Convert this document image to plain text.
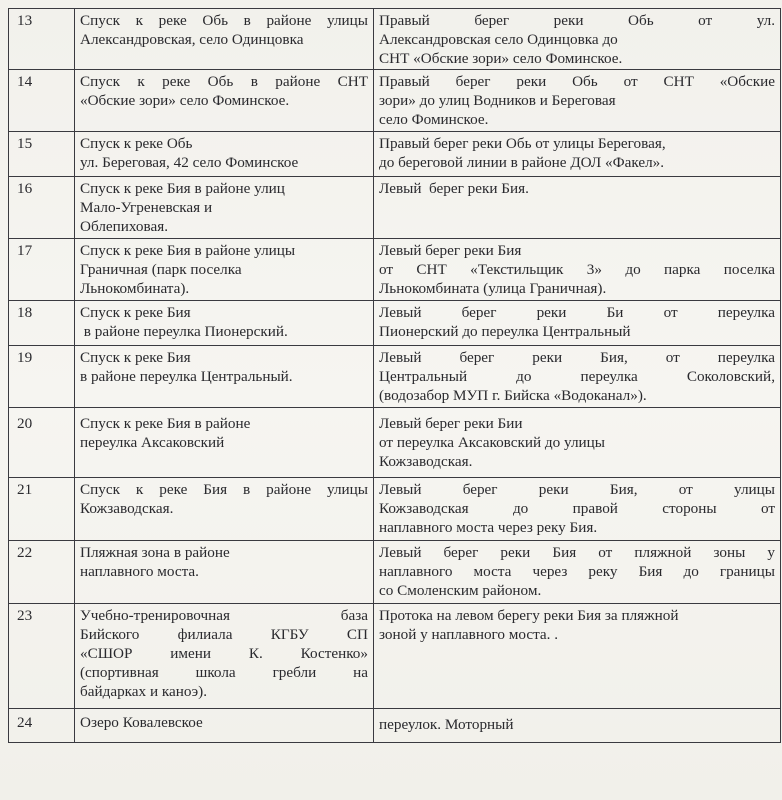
13	Спуск к реке Обь в районе улицы
Александровская, село Одинцовка	Правый берег реки Обь от ул.
Александровская село Одинцовка до
СНТ «Обские зори» село Фоминское.

14	Спуск к реке Обь в районе СНТ
«Обские зори» село Фоминское.	Правый берег реки Обь от СНТ «Обские
зори» до улиц Водников и Береговая
село Фоминское.

15	Спуск к реке Обь
ул. Береговая, 42 село Фоминское	Правый берег реки Обь от улицы Береговая,
до береговой линии в районе ДОЛ «Факел».

16	Спуск к реке Бия в районе улиц
Мало-Угреневская и
Облепиховая.	Левый  берег реки Бия.

17	Спуск к реке Бия в районе улицы
Граничная (парк поселка
Льнокомбината).	Левый берег реки Бия
от СНТ «Текстильщик 3» до парка поселка
Льнокомбината (улица Граничная).

18	Спуск к реке Бия
в районе переулка Пионерский.	Левый берег реки Би от переулка
Пионерский до переулка Центральный

19	Спуск к реке Бия
в районе переулка Центральный.	Левый берег реки Бия, от переулка
Центральный до переулка Соколовский,
(водозабор МУП г. Бийска «Водоканал»).

20	Спуск к реке Бия в районе
переулка Аксаковский	Левый берег реки Бии
от переулка Аксаковский до улицы
Кожзаводская.

21	Спуск к реке Бия в районе улицы
Кожзаводская.	Левый берег реки Бия, от улицы
Кожзаводская до правой стороны от
наплавного моста через реку Бия.

22	Пляжная зона в районе
наплавного моста.	Левый берег реки Бия от пляжной зоны у
наплавного моста через реку Бия до границы
со Смоленским районом.

23	Учебно-тренировочная база
Бийского филиала КГБУ СП
«СШОР имени К. Костенко»
(спортивная школа гребли на
байдарках и каноэ).	Протока на левом берегу реки Бия за пляжной
зоной у наплавного моста. .

24	Озеро Ковалевское	переулок. Моторный
